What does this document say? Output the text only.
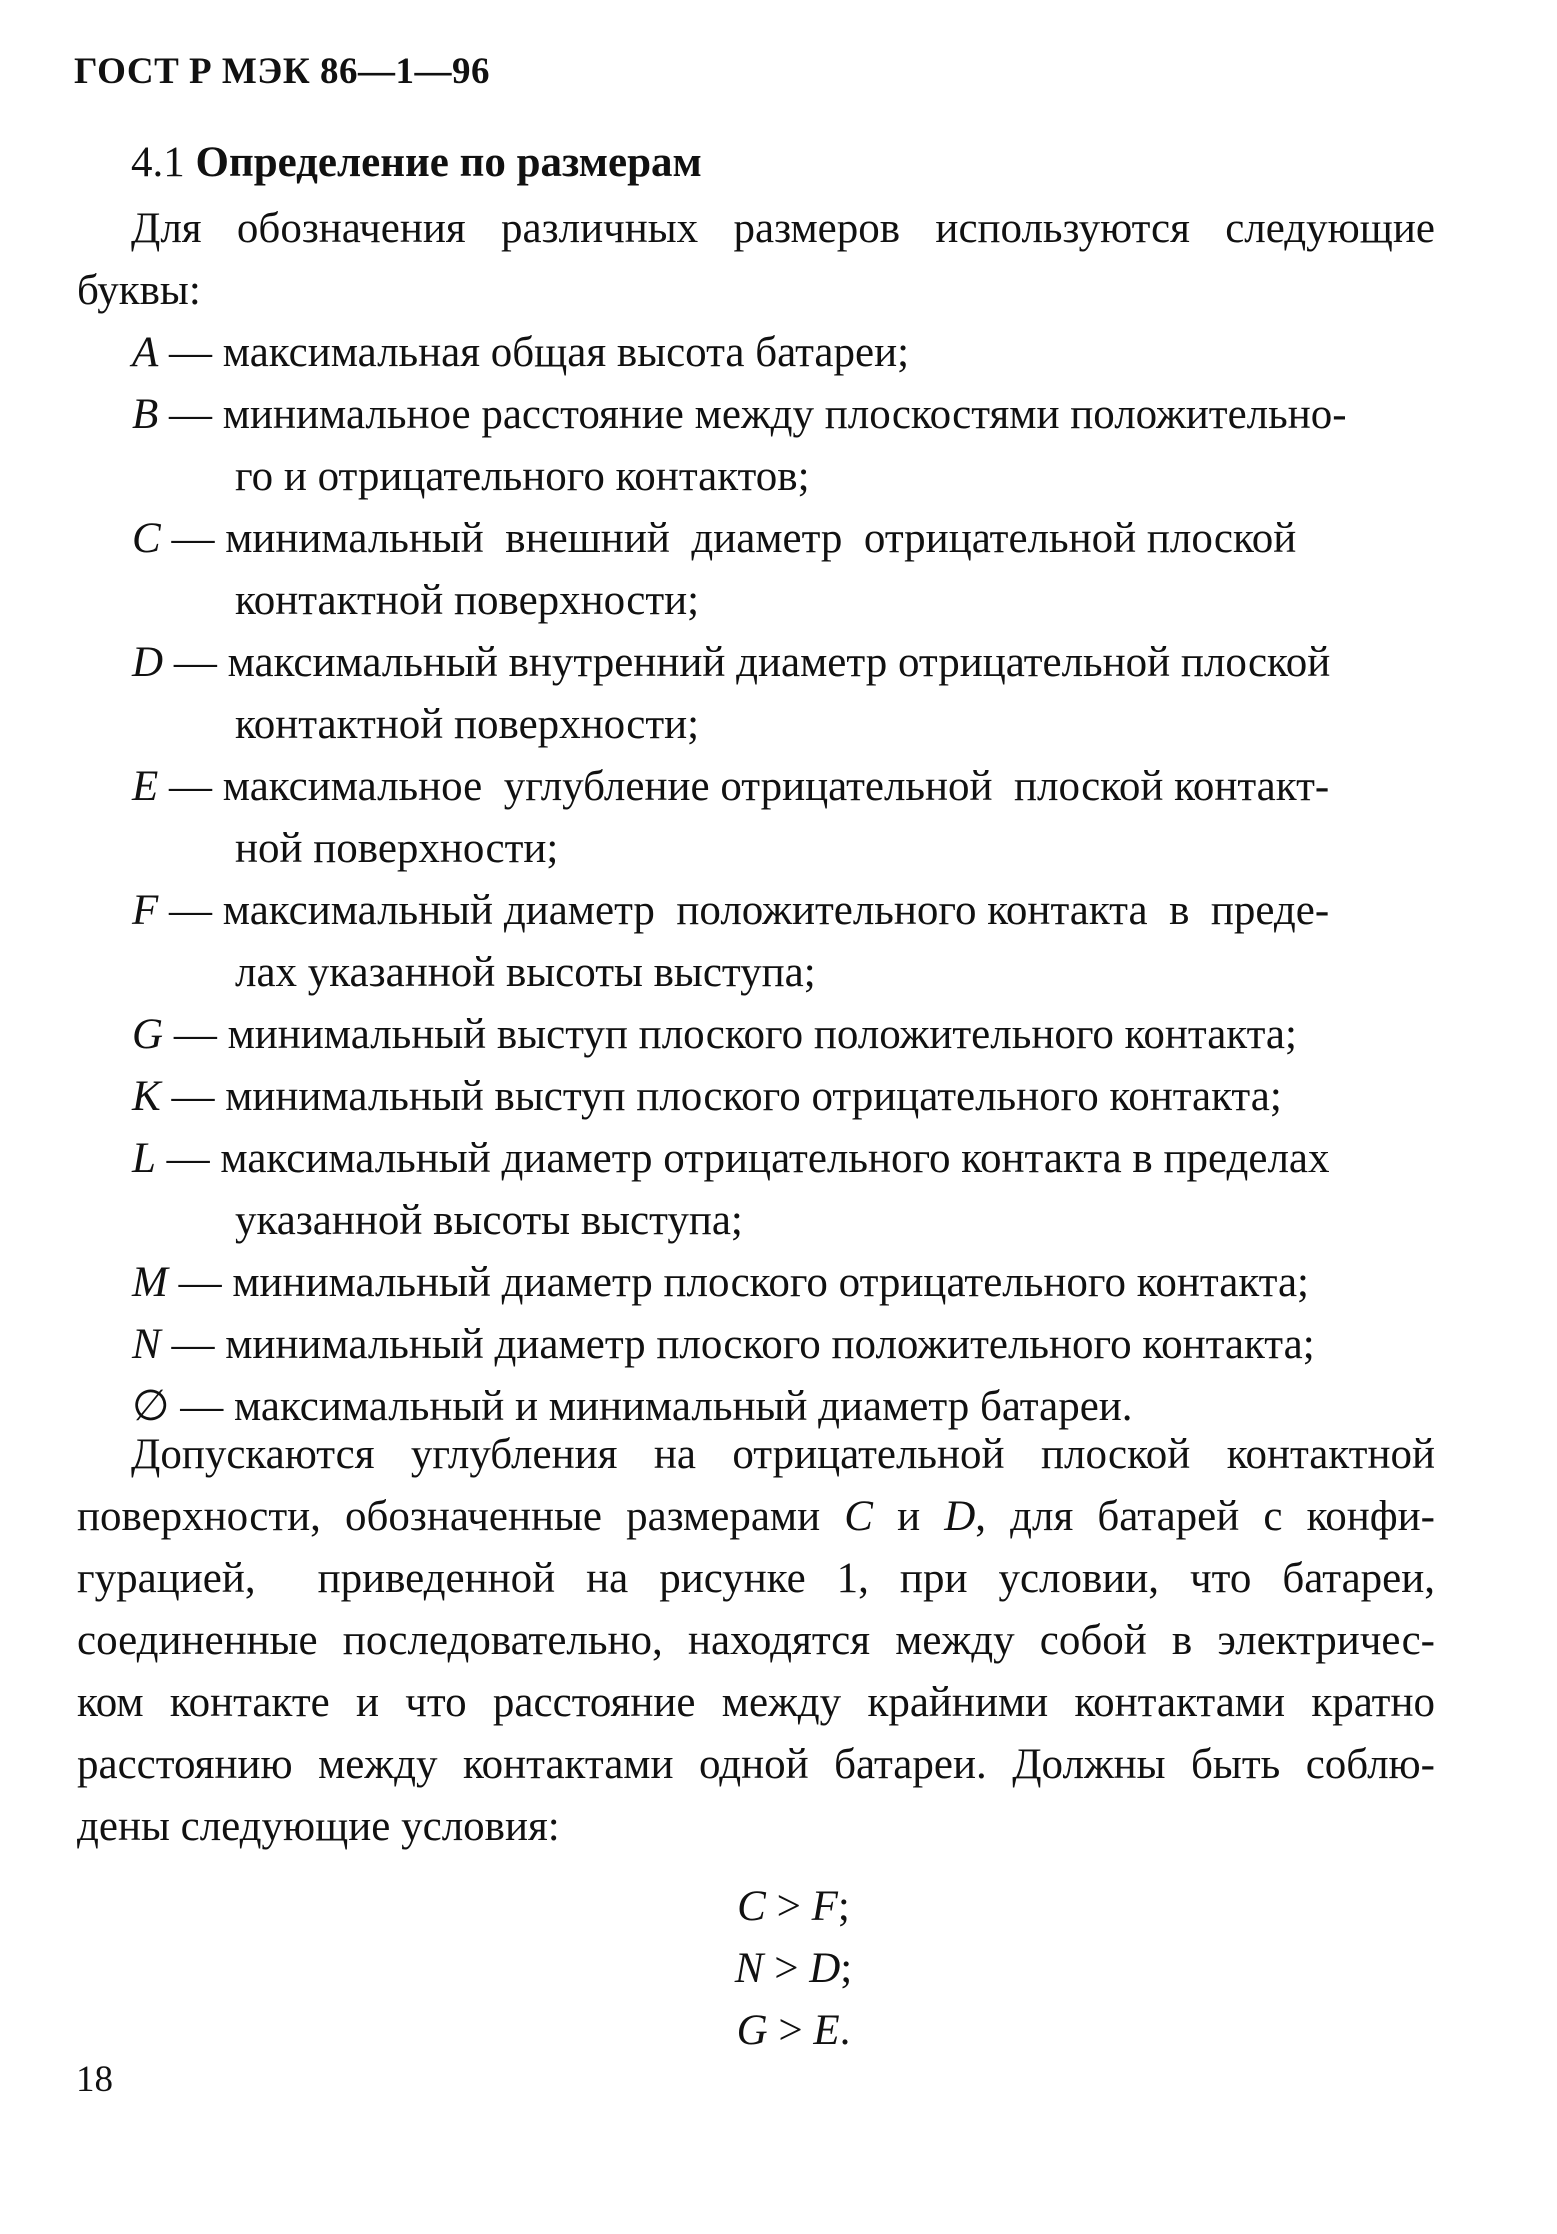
ГОСТ Р МЭК 86—1—96
4.1 Определение по размерам
Для обозначения различных размеров используются следующие
буквы:
A — максимальная общая высота батареи;
B — минимальное расстояние между плоскостями положительно-
го и отрицательного контактов;
C — минимальный  внешний  диаметр  отрицательной плоской
контактной поверхности;
D — максимальный внутренний диаметр отрицательной плоской
контактной поверхности;
E — максимальное  углубление отрицательной  плоской контакт-
ной поверхности;
F — максимальный диаметр  положительного контакта  в  преде-
лах указанной высоты выступа;
G — минимальный выступ плоского положительного контакта;
K — минимальный выступ плоского отрицательного контакта;
L — максимальный диаметр отрицательного контакта в пределах
указанной высоты выступа;
M — минимальный диаметр плоского отрицательного контакта;
N — минимальный диаметр плоского положительного контакта;
∅ — максимальный и минимальный диаметр батареи.

Допускаются углубления на отрицательной плоской контактной

поверхности, обозначенные размерами C и D, для батарей с конфи-

гурацией,  приведенной на рисунке 1, при условии, что батареи,

соединенные последовательно, находятся между собой в электричес-

ком контакте и что расстояние между крайними контактами кратно

расстоянию между контактами одной батареи. Должны быть соблю-

дены следующие условия:

C > F;
N > D;
G > E.
18
